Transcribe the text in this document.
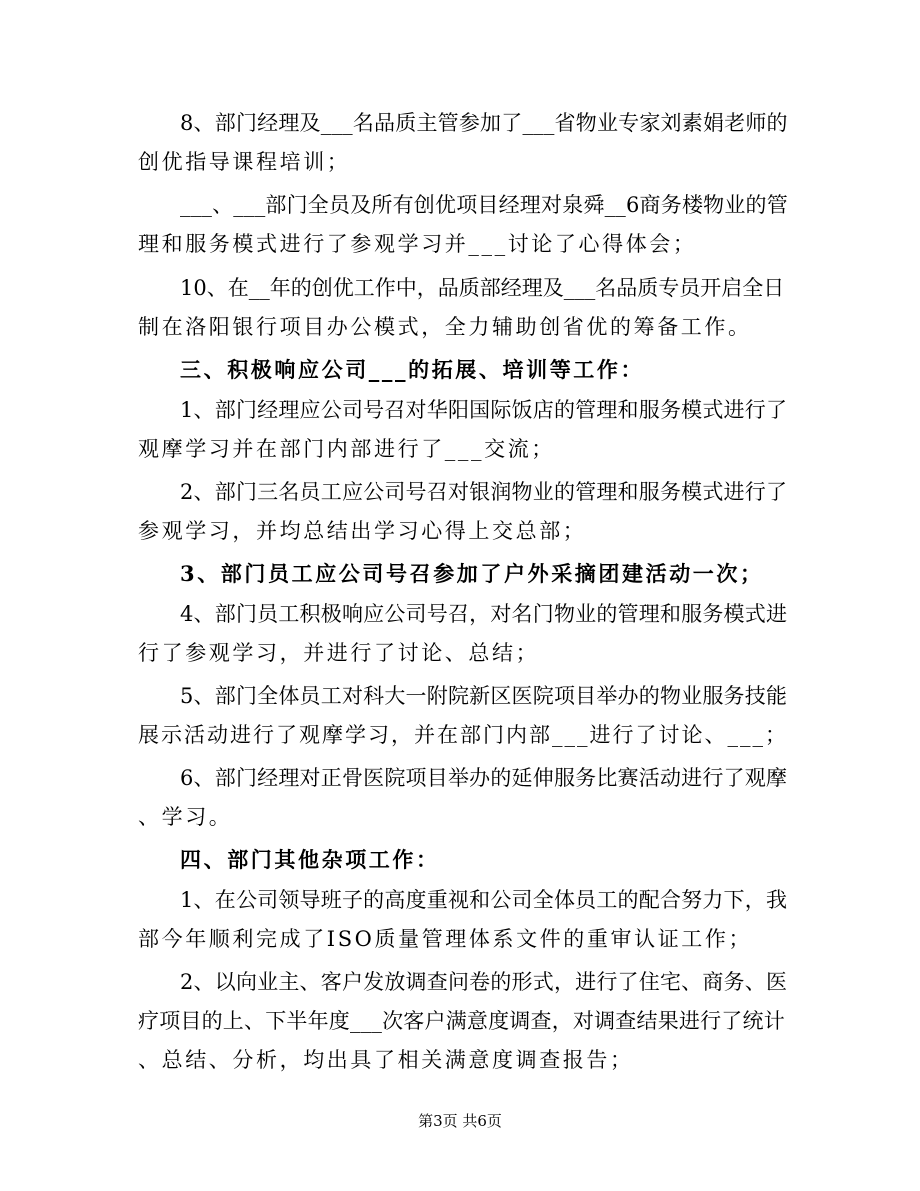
8、部门经理及___名品质主管参加了___省物业专家刘素娟老师的
创优指导课程培训；
___、___部门全员及所有创优项目经理对泉舜__6商务楼物业的管
理和服务模式进行了参观学习并___讨论了心得体会；
10、在__年的创优工作中，品质部经理及___名品质专员开启全日
制在洛阳银行项目办公模式，全力辅助创省优的筹备工作。
三、积极响应公司___的拓展、培训等工作：
1、部门经理应公司号召对华阳国际饭店的管理和服务模式进行了
观摩学习并在部门内部进行了___交流；
2、部门三名员工应公司号召对银润物业的管理和服务模式进行了
参观学习，并均总结出学习心得上交总部；
3、部门员工应公司号召参加了户外采摘团建活动一次；
4、部门员工积极响应公司号召，对名门物业的管理和服务模式进
行了参观学习，并进行了讨论、总结；
5、部门全体员工对科大一附院新区医院项目举办的物业服务技能
展示活动进行了观摩学习，并在部门内部___进行了讨论、___；
6、部门经理对正骨医院项目举办的延伸服务比赛活动进行了观摩
、学习。
四、部门其他杂项工作：
1、在公司领导班子的高度重视和公司全体员工的配合努力下，我
部今年顺利完成了ISO质量管理体系文件的重审认证工作；
2、以向业主、客户发放调查问卷的形式，进行了住宅、商务、医
疗项目的上、下半年度___次客户满意度调查，对调查结果进行了统计
、总结、分析，均出具了相关满意度调查报告；
第3页 共6页
